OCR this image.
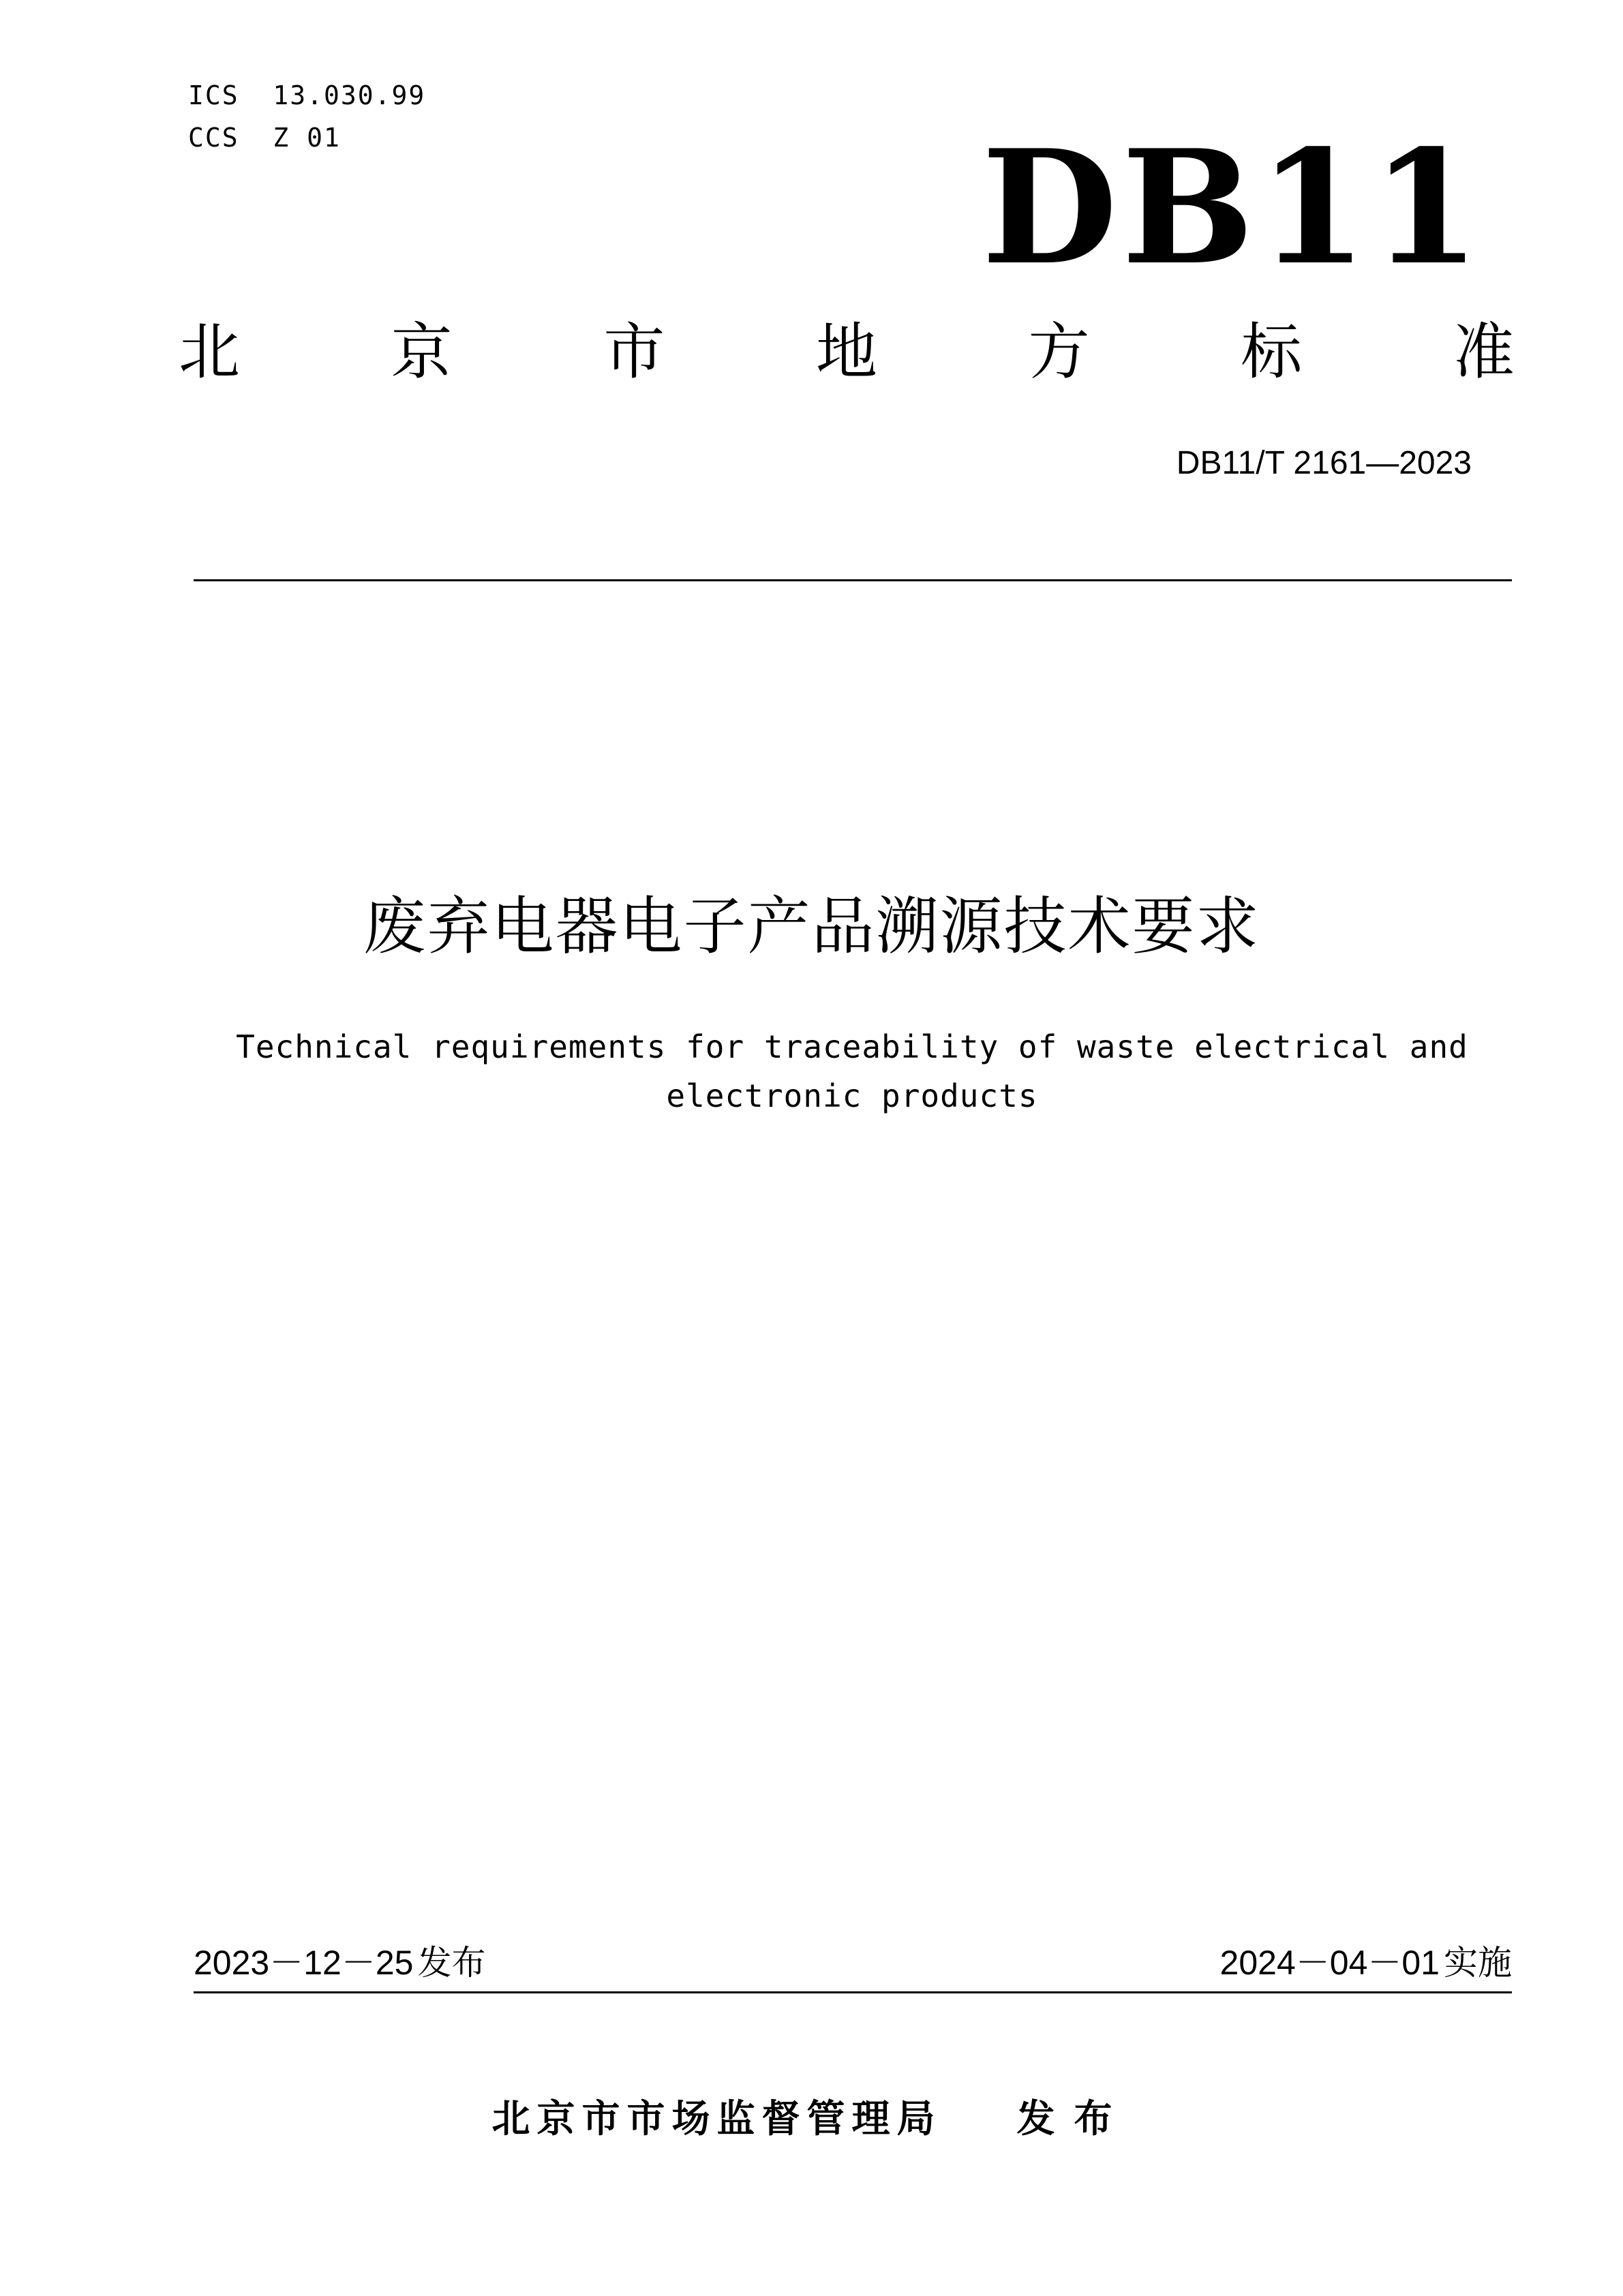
ICS  13.030.99
CCS  Z 01	DB11
北 京 市 地 方 标 准
DB11/T 2161—2023
废弃电器电子产品溯源技术要求
Technical requirements for traceability of waste electrical and
electronic products
2023－12－25 发布	2024－04－01 实施
北京市市场监督管理局 发布
